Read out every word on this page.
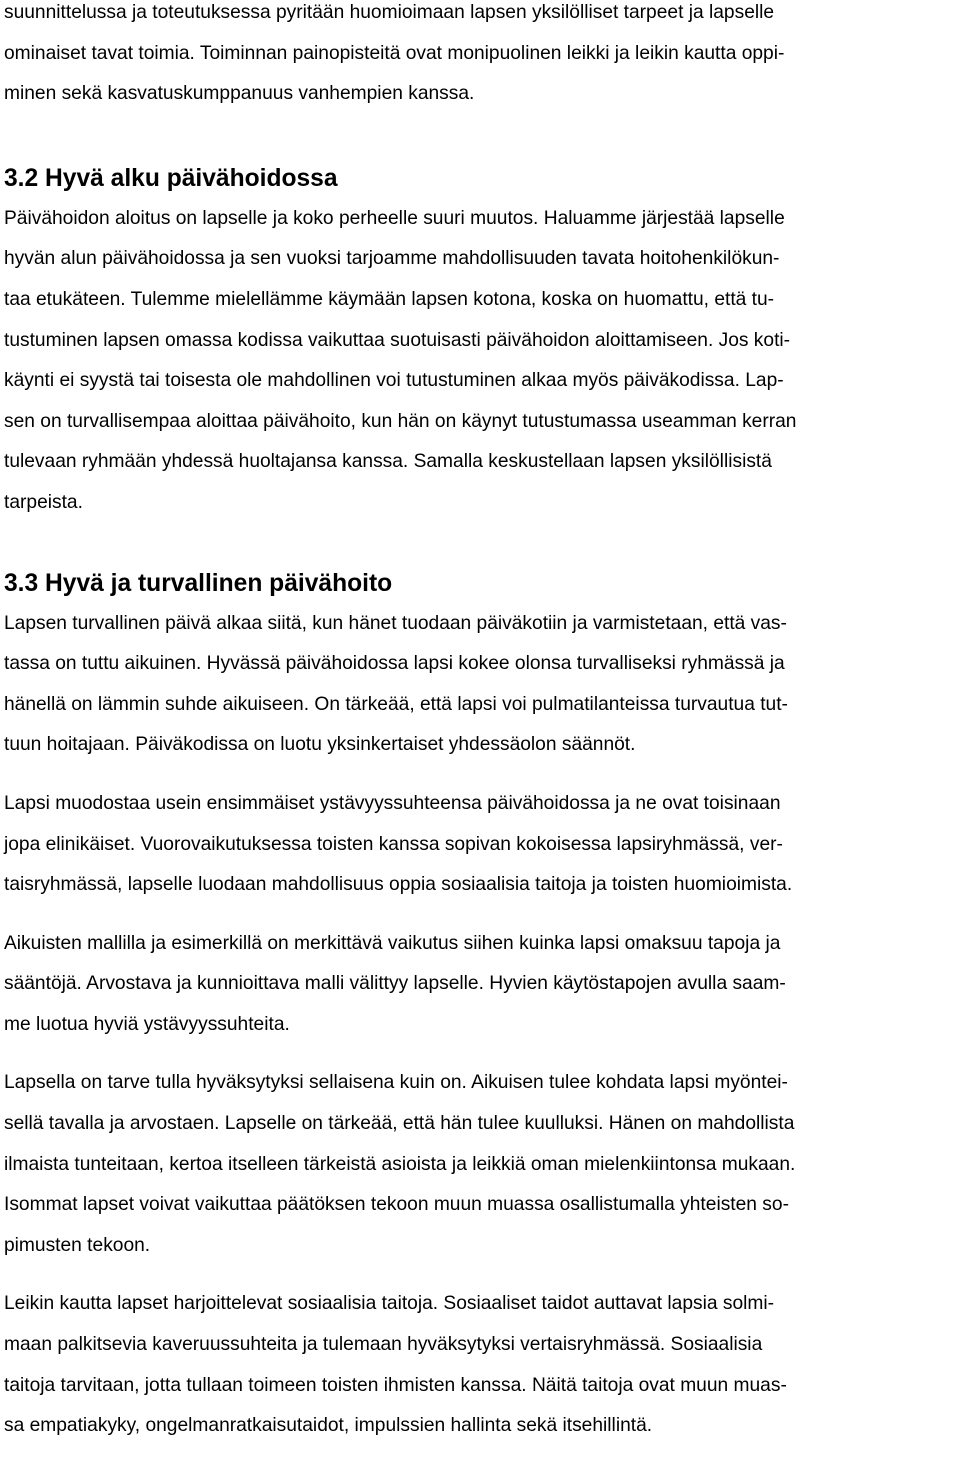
suunnittelussa ja toteutuksessa pyritään huomioimaan lapsen yksilölliset tarpeet ja lapselle
ominaiset tavat toimia. Toiminnan painopisteitä ovat monipuolinen leikki ja leikin kautta oppi-
minen sekä kasvatuskumppanuus vanhempien kanssa.
3.2 Hyvä alku päivähoidossa
Päivähoidon aloitus on lapselle ja koko perheelle suuri muutos. Haluamme järjestää lapselle
hyvän alun päivähoidossa ja sen vuoksi tarjoamme mahdollisuuden tavata hoitohenkilökun-
taa etukäteen. Tulemme mielellämme käymään lapsen kotona, koska on huomattu, että tu-
tustuminen lapsen omassa kodissa vaikuttaa suotuisasti päivähoidon aloittamiseen. Jos koti-
käynti ei syystä tai toisesta ole mahdollinen voi tutustuminen alkaa myös päiväkodissa. Lap-
sen on turvallisempaa aloittaa päivähoito, kun hän on käynyt tutustumassa useamman kerran
tulevaan ryhmään yhdessä huoltajansa kanssa. Samalla keskustellaan lapsen yksilöllisistä
tarpeista.
3.3 Hyvä ja turvallinen päivähoito
Lapsen turvallinen päivä alkaa siitä, kun hänet tuodaan päiväkotiin ja varmistetaan, että vas-
tassa on tuttu aikuinen. Hyvässä päivähoidossa lapsi kokee olonsa turvalliseksi ryhmässä ja
hänellä on lämmin suhde aikuiseen. On tärkeää, että lapsi voi pulmatilanteissa turvautua tut-
tuun hoitajaan. Päiväkodissa on luotu yksinkertaiset yhdessäolon säännöt.
Lapsi muodostaa usein ensimmäiset ystävyyssuhteensa päivähoidossa ja ne ovat toisinaan
jopa elinikäiset. Vuorovaikutuksessa toisten kanssa sopivan kokoisessa lapsiryhmässä, ver-
taisryhmässä, lapselle luodaan mahdollisuus oppia sosiaalisia taitoja ja toisten huomioimista.
Aikuisten mallilla ja esimerkillä on merkittävä vaikutus siihen kuinka lapsi omaksuu tapoja ja
sääntöjä. Arvostava ja kunnioittava malli välittyy lapselle. Hyvien käytöstapojen avulla saam-
me luotua hyviä ystävyyssuhteita.
Lapsella on tarve tulla hyväksytyksi sellaisena kuin on. Aikuisen tulee kohdata lapsi myöntei-
sellä tavalla ja arvostaen. Lapselle on tärkeää, että hän tulee kuulluksi. Hänen on mahdollista
ilmaista tunteitaan, kertoa itselleen tärkeistä asioista ja leikkiä oman mielenkiintonsa mukaan.
Isommat lapset voivat vaikuttaa päätöksen tekoon muun muassa osallistumalla yhteisten so-
pimusten tekoon.
Leikin kautta lapset harjoittelevat sosiaalisia taitoja. Sosiaaliset taidot auttavat lapsia solmi-
maan palkitsevia kaveruussuhteita ja tulemaan hyväksytyksi vertaisryhmässä. Sosiaalisia
taitoja tarvitaan, jotta tullaan toimeen toisten ihmisten kanssa. Näitä taitoja ovat muun muas-
sa empatiakyky, ongelmanratkaisutaidot, impulssien hallinta sekä itsehillintä.
